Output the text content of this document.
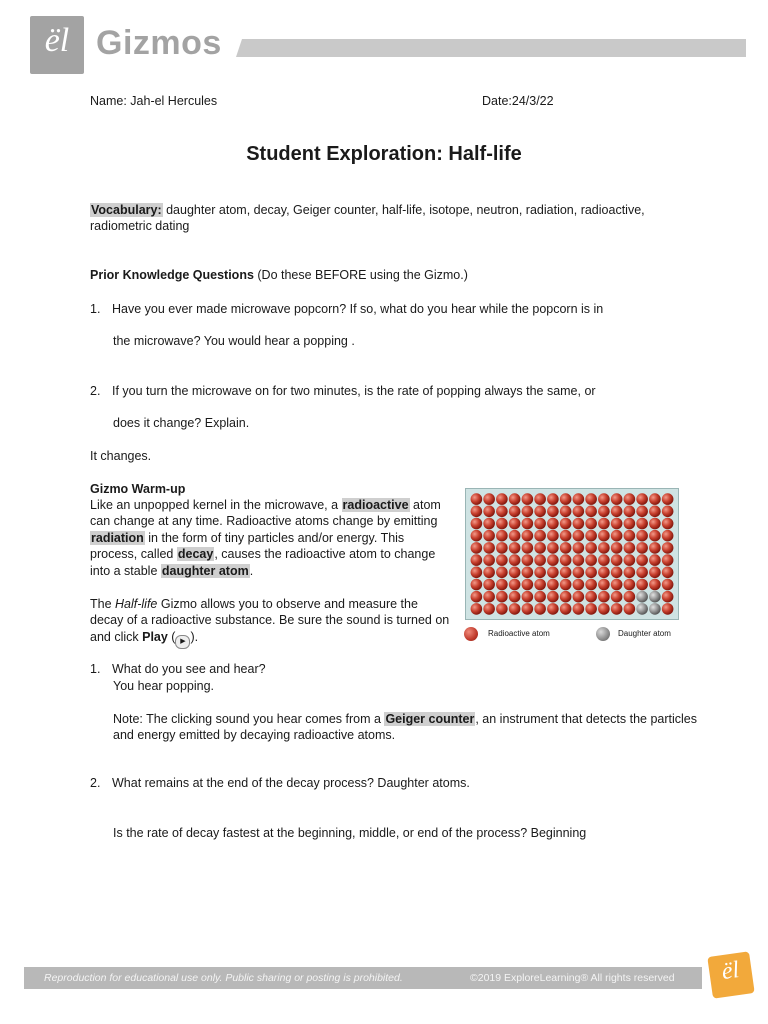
ël Gizmos
Name: Jah-el Hercules	Date:24/3/22
Student Exploration: Half-life
Vocabulary: daughter atom, decay, Geiger counter, half-life, isotope, neutron, radiation, radioactive, radiometric dating
Prior Knowledge Questions (Do these BEFORE using the Gizmo.)
1. Have you ever made microwave popcorn? If so, what do you hear while the popcorn is in
the microwave? You would hear a popping .
2. If you turn the microwave on for two minutes, is the rate of popping always the same, or
does it change? Explain.
It changes.
Gizmo Warm-up
Like an unpopped kernel in the microwave, a radioactive atom can change at any time. Radioactive atoms change by emitting radiation in the form of tiny particles and/or energy. This process, called decay, causes the radioactive atom to change into a stable daughter atom.
The Half-life Gizmo allows you to observe and measure the decay of a radioactive substance. Be sure the sound is turned on and click Play ( ▶ ).
1. What do you see and hear?
You hear popping.
Note: The clicking sound you hear comes from a Geiger counter, an instrument that detects the particles and energy emitted by decaying radioactive atoms.
2. What remains at the end of the decay process? Daughter atoms.
Is the rate of decay fastest at the beginning, middle, or end of the process? Beginning
Radioactive atom	Daughter atom
Reproduction for educational use only. Public sharing or posting is prohibited.	©2019 ExploreLearning® All rights reserved	ël
